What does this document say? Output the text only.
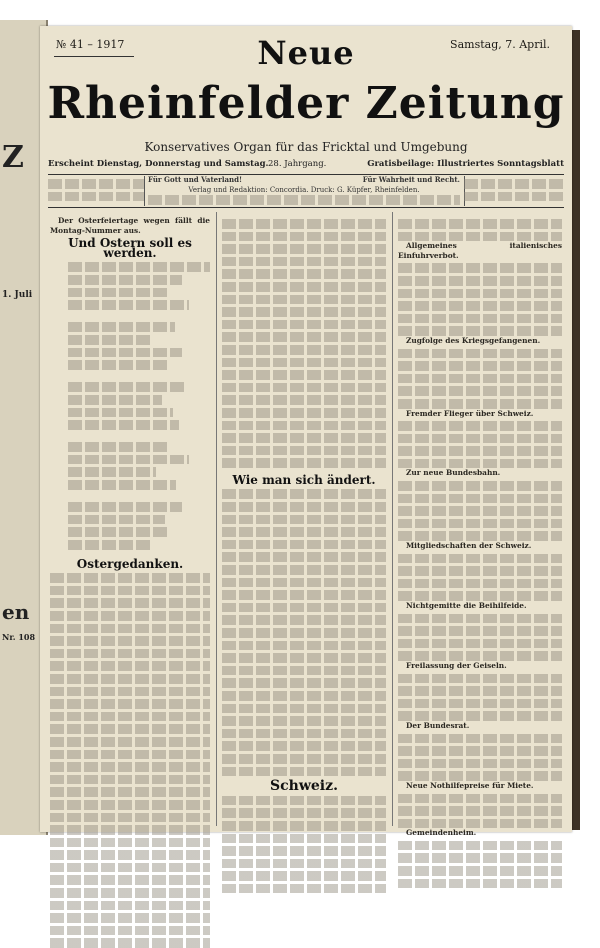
Z
1. Juli
en
Nr. 108
№ 41 – 1917	Samstag, 7. April.
Neue
Rheinfelder Zeitung
Konservatives Organ für das Fricktal und Umgebung
Erscheint Dienstag, Donnerstag und Samstag. 28. Jahrgang.	Gratisbeilage: Illustriertes Sonntagsblatt
Für Gott und Vaterland!	Für Wahrheit und Recht.
Verlag und Redaktion: Concordia. Druck: G. Küpfer, Rheinfelden.

Der Osterfeiertage wegen fällt die Montag-Nummer aus.

Und Ostern soll es werden.

Ostergedanken.
Wie man sich ändert.
Schweiz.

Allgemeines italienisches Einfuhrverbot.

Zugfolge des Kriegsgefangenen.

Fremder Flieger über Schweiz.

Zur neue Bundesbahn.

Mitgliedschaften der Schweiz.

Nichtgemitte die Beihilfeide.

Freilassung der Geiseln.

Der Bundesrat.

Neue Nothilfepreise für Miete.

Gemeindenheim.
